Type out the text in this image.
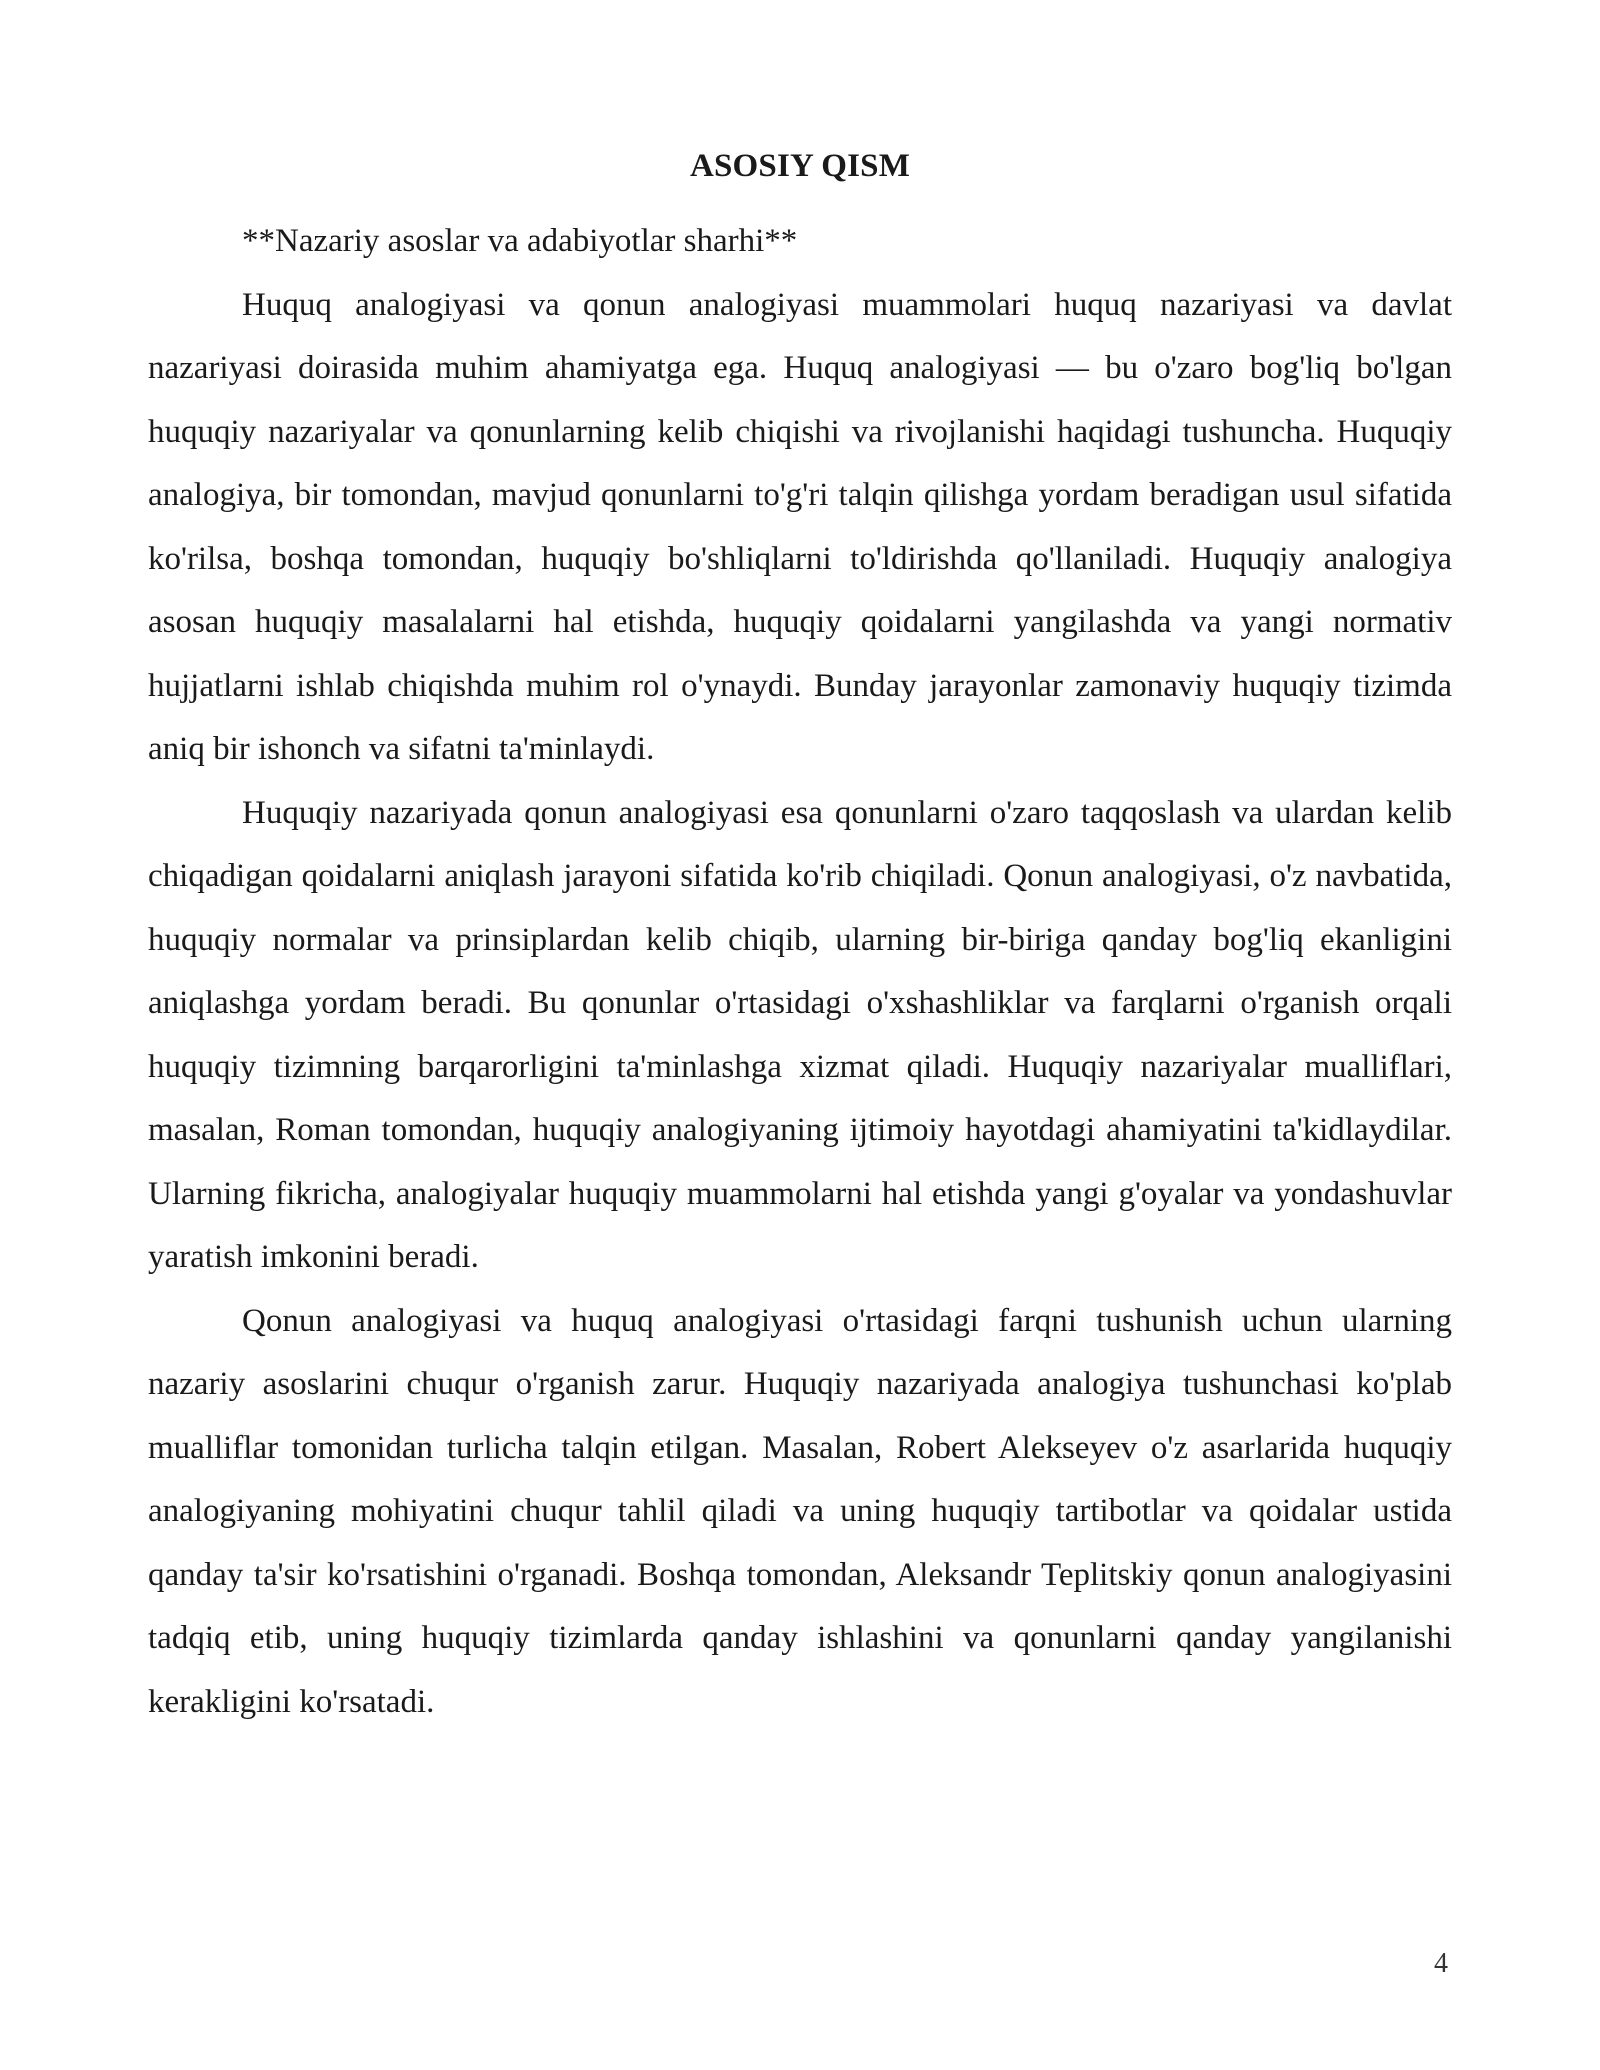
ASOSIY QISM

**Nazariy asoslar va adabiyotlar sharhi**

Huquq analogiyasi va qonun analogiyasi muammolari huquq nazariyasi va davlat nazariyasi doirasida muhim ahamiyatga ega. Huquq analogiyasi — bu o'zaro bog'liq bo'lgan huquqiy nazariyalar va qonunlarning kelib chiqishi va rivojlanishi haqidagi tushuncha. Huquqiy analogiya, bir tomondan, mavjud qonunlarni to'g'ri talqin qilishga yordam beradigan usul sifatida ko'rilsa, boshqa tomondan, huquqiy bo'shliqlarni to'ldirishda qo'llaniladi. Huquqiy analogiya asosan huquqiy masalalarni hal etishda, huquqiy qoidalarni yangilashda va yangi normativ hujjatlarni ishlab chiqishda muhim rol o'ynaydi. Bunday jarayonlar zamonaviy huquqiy tizimda aniq bir ishonch va sifatni ta'minlaydi.

Huquqiy nazariyada qonun analogiyasi esa qonunlarni o'zaro taqqoslash va ulardan kelib chiqadigan qoidalarni aniqlash jarayoni sifatida ko'rib chiqiladi. Qonun analogiyasi, o'z navbatida, huquqiy normalar va prinsiplardan kelib chiqib, ularning bir-biriga qanday bog'liq ekanligini aniqlashga yordam beradi. Bu qonunlar o'rtasidagi o'xshashliklar va farqlarni o'rganish orqali huquqiy tizimning barqarorligini ta'minlashga xizmat qiladi. Huquqiy nazariyalar mualliflari, masalan, Roman tomondan, huquqiy analogiyaning ijtimoiy hayotdagi ahamiyatini ta'kidlaydilar. Ularning fikricha, analogiyalar huquqiy muammolarni hal etishda yangi g'oyalar va yondashuvlar yaratish imkonini beradi.

Qonun analogiyasi va huquq analogiyasi o'rtasidagi farqni tushunish uchun ularning nazariy asoslarini chuqur o'rganish zarur. Huquqiy nazariyada analogiya tushunchasi ko'plab mualliflar tomonidan turlicha talqin etilgan. Masalan, Robert Alekseyev o'z asarlarida huquqiy analogiyaning mohiyatini chuqur tahlil qiladi va uning huquqiy tartibotlar va qoidalar ustida qanday ta'sir ko'rsatishini o'rganadi. Boshqa tomondan, Aleksandr Teplitskiy qonun analogiyasini tadqiq etib, uning huquqiy tizimlarda qanday ishlashini va qonunlarni qanday yangilanishi kerakligini ko'rsatadi.

4
